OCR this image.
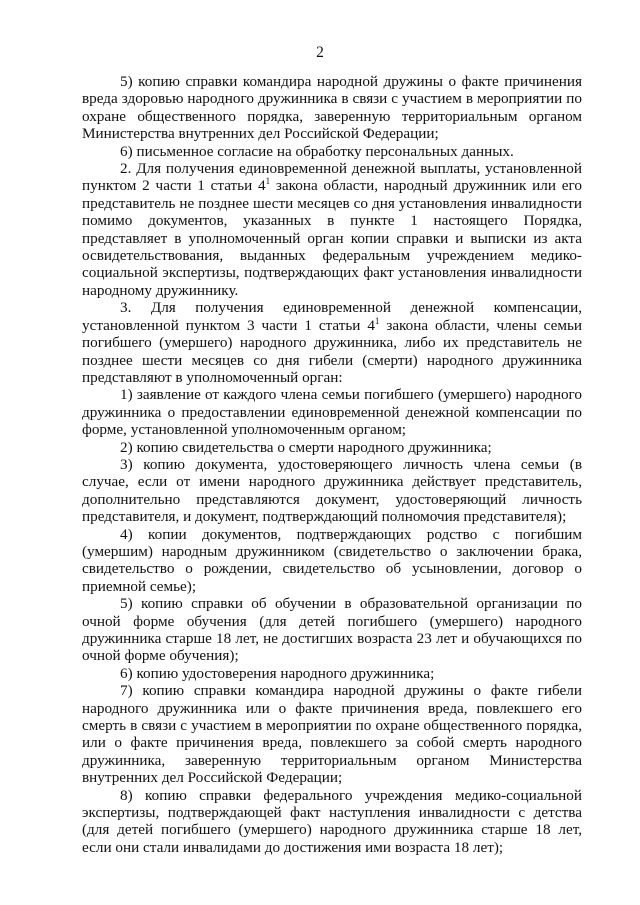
2

5) копию справки командира народной дружины о факте причинения вреда здоровью народного дружинника в связи с участием в мероприятии по охране общественного порядка, заверенную территориальным органом Министерства внутренних дел Российской Федерации;

6) письменное согласие на обработку персональных данных.

2. Для получения единовременной денежной выплаты, установленной пунктом 2 части 1 статьи $4^1$ закона области, народный дружинник или его представитель не позднее шести месяцев со дня установления инвалидности помимо документов, указанных в пункте 1 настоящего Порядка, представляет в уполномоченный орган копии справки и выписки из акта освидетельствования, выданных федеральным учреждением медико-социальной экспертизы, подтверждающих факт установления инвалидности народному дружиннику.

3. Для получения единовременной денежной компенсации, установленной пунктом 3 части 1 статьи $4^1$ закона области, члены семьи погибшего (умершего) народного дружинника, либо их представитель не позднее шести месяцев со дня гибели (смерти) народного дружинника представляют в уполномоченный орган:

1) заявление от каждого члена семьи погибшего (умершего) народного дружинника о предоставлении единовременной денежной компенсации по форме, установленной уполномоченным органом;

2) копию свидетельства о смерти народного дружинника;

3) копию документа, удостоверяющего личность члена семьи (в случае, если от имени народного дружинника действует представитель, дополнительно представляются документ, удостоверяющий личность представителя, и документ, подтверждающий полномочия представителя);

4) копии документов, подтверждающих родство с погибшим (умершим) народным дружинником (свидетельство о заключении брака, свидетельство о рождении, свидетельство об усыновлении, договор о приемной семье);

5) копию справки об обучении в образовательной организации по очной форме обучения (для детей погибшего (умершего) народного дружинника старше 18 лет, не достигших возраста 23 лет и обучающихся по очной форме обучения);

6) копию удостоверения народного дружинника;

7) копию справки командира народной дружины о факте гибели народного дружинника или о факте причинения вреда, повлекшего его смерть в связи с участием в мероприятии по охране общественного порядка, или о факте причинения вреда, повлекшего за собой смерть народного дружинника, заверенную территориальным органом Министерства внутренних дел Российской Федерации;

8) копию справки федерального учреждения медико-социальной экспертизы, подтверждающей факт наступления инвалидности с детства (для детей погибшего (умершего) народного дружинника старше 18 лет, если они стали инвалидами до достижения ими возраста 18 лет);
